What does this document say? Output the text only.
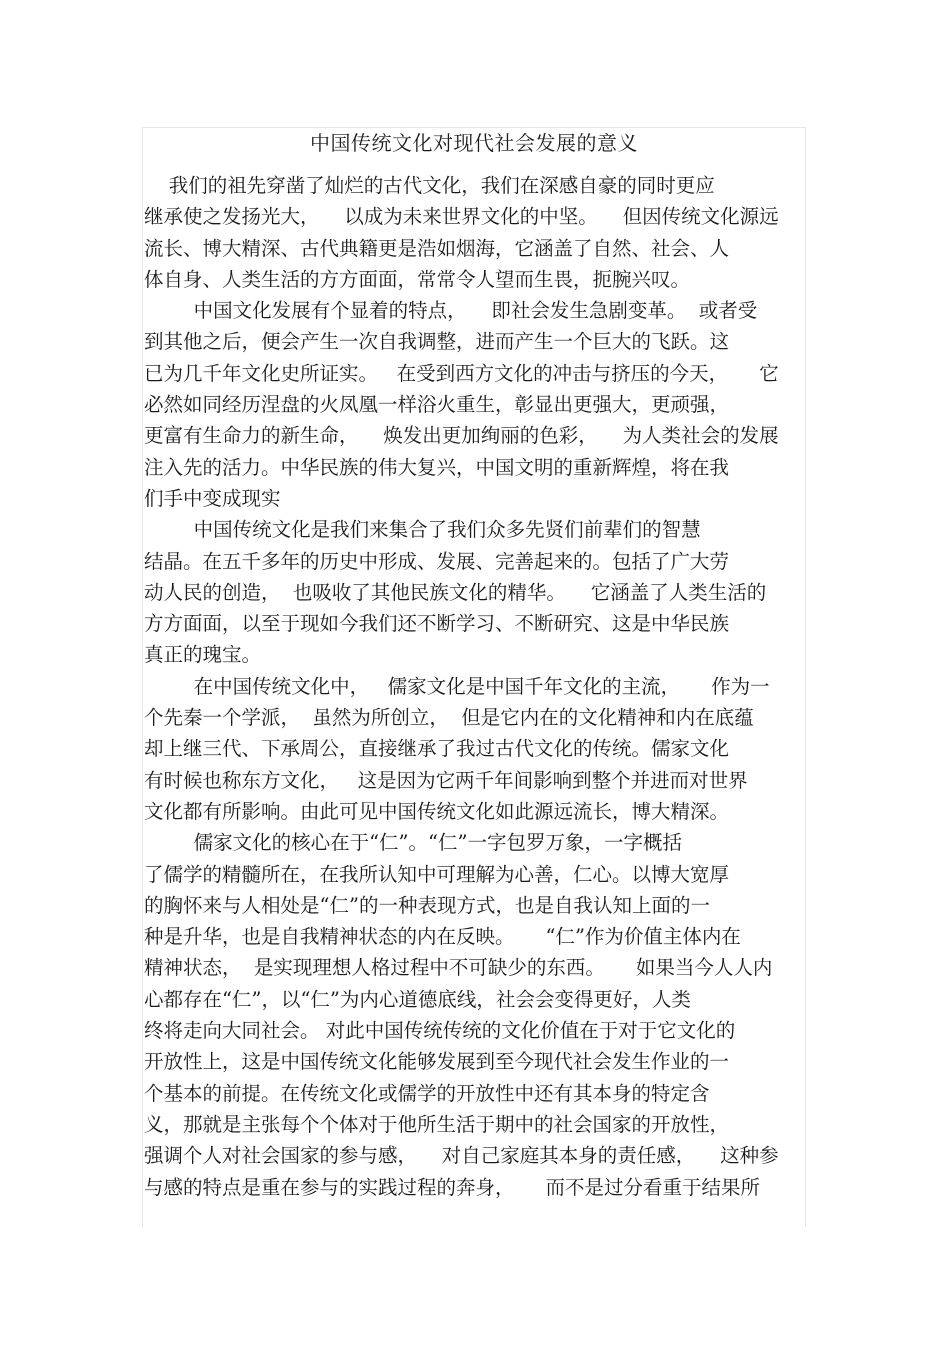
中国传统文化对现代社会发展的意义
我们的祖先穿凿了灿烂的古代文化，我们在深感自豪的同时更应
继承使之发扬光大，    以成为未来世界文化的中坚。    但因传统文化源远
流长、博大精深、古代典籍更是浩如烟海，它涵盖了自然、社会、人
体自身、人类生活的方方面面，常常令人望而生畏，扼腕兴叹。
中国文化发展有个显着的特点，    即社会发生急剧变革。  或者受
到其他之后，便会产生一次自我调整，进而产生一个巨大的飞跃。这
已为几千年文化史所证实。   在受到西方文化的冲击与挤压的今天，     它
必然如同经历涅盘的火凤凰一样浴火重生，彰显出更强大，更顽强，
更富有生命力的新生命，    焕发出更加绚丽的色彩，    为人类社会的发展
注入先的活力。中华民族的伟大复兴，中国文明的重新辉煌，将在我
们手中变成现实
中国传统文化是我们来集合了我们众多先贤们前辈们的智慧
结晶。在五千多年的历史中形成、发展、完善起来的。包括了广大劳
动人民的创造，  也吸收了其他民族文化的精华。    它涵盖了人类生活的
方方面面，以至于现如今我们还不断学习、不断研究、这是中华民族
真正的瑰宝。
在中国传统文化中，   儒家文化是中国千年文化的主流，     作为一
个先秦一个学派，  虽然为所创立，  但是它内在的文化精神和内在底蕴
却上继三代、下承周公，直接继承了我过古代文化的传统。儒家文化
有时候也称东方文化，   这是因为它两千年间影响到整个并进而对世界
文化都有所影响。由此可见中国传统文化如此源远流长，博大精深。
儒家文化的核心在于“仁”。“仁”一字包罗万象，一字概括
了儒学的精髓所在，在我所认知中可理解为心善，仁心。以博大宽厚
的胸怀来与人相处是“仁”的一种表现方式，也是自我认知上面的一
种是升华，也是自我精神状态的内在反映。     “仁”作为价值主体内在
精神状态，  是实现理想人格过程中不可缺少的东西。     如果当今人人内
心都存在“仁”，以“仁”为内心道德底线，社会会变得更好，人类
终将走向大同社会。 对此中国传统传统的文化价值在于对于它文化的
开放性上，这是中国传统文化能够发展到至今现代社会发生作业的一
个基本的前提。在传统文化或儒学的开放性中还有其本身的特定含
义，那就是主张每个个体对于他所生活于期中的社会国家的开放性，
强调个人对社会国家的参与感，    对自己家庭其本身的责任感，    这种参
与感的特点是重在参与的实践过程的奔身，     而不是过分看重于结果所
